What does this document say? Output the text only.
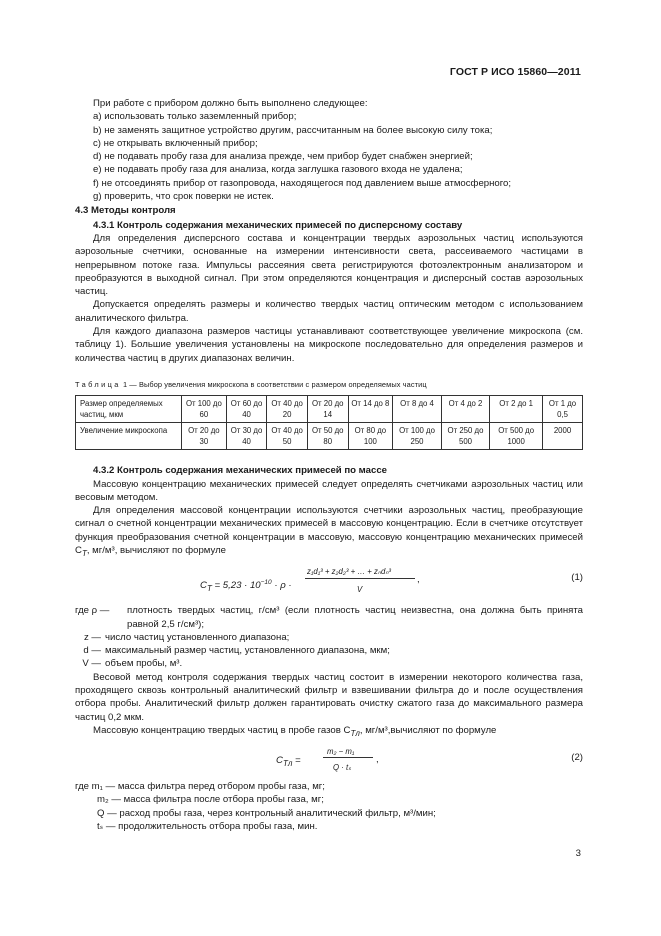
ГОСТ Р ИСО 15860—2011

При работе с прибором должно быть выполнено следующее:

a) использовать только заземленный прибор;

b) не заменять защитное устройство другим, рассчитанным на более высокую силу тока;

c) не открывать включенный прибор;

d) не подавать пробу газа для анализа прежде, чем прибор будет снабжен энергией;

e) не подавать пробу газа для анализа, когда заглушка газового входа не удалена;

f) не отсоединять прибор от газопровода, находящегося под давлением выше атмосферного;

g) проверить, что срок поверки не истек.

4.3 Методы контроля

4.3.1 Контроль содержания механических примесей по дисперсному составу

Для определения дисперсного состава и концентрации твердых аэрозольных частиц используются аэрозольные счетчики, основанные на измерении интенсивности света, рассеиваемого частицами в непрерывном потоке газа. Импульсы рассеяния света регистрируются фотоэлектронным анализатором и преобразуются в выходной сигнал. При этом определяются концентрация и дисперсный состав аэрозольных частиц.

Допускается определять размеры и количество твердых частиц оптическим методом с использованием аналитического фильтра.

Для каждого диапазона размеров частицы устанавливают соответствующее увеличение микроскопа (см. таблицу 1). Большие увеличения установлены на микроскопе последовательно для определения размеров и количества частиц в других диапазонах величин.

Таблица 1 — Выбор увеличения микроскопа в соответствии с размером определяемых частиц
Размер определяемых частиц, мкм	От 100 до 60	От 60 до 40	От 40 до 20	От 20 до 14	От 14 до 8	От 8 до 4	От 4 до 2	От 2 до 1	От 1 до 0,5
Увеличение микроскопа	От 20 до 30	От 30 до 40	От 40 до 50	От 50 до 80	От 80 до 100	От 100 до 250	От 250 до 500	От 500 до 1000	2000

4.3.2 Контроль содержания механических примесей по массе

Массовую концентрацию механических примесей следует определять счетчиками аэрозольных частиц или весовым методом.

Для определения массовой концентрации используются счетчики аэрозольных частиц, преобразующие сигнал о счетной концентрации механических примесей в массовую концентрацию. Если в счетчике отсутствует функция преобразования счетной концентрации в массовую, массовую концентрацию механических примесей $C_T$, мг/м³, вычисляют по формуле

$C_T = 5,23 \cdot 10^{-10} \cdot \rho$ ·
z₁d₁³ + z₂d₂³ + … + zₙdₙ³
V
,	(1)
где ρ —	плотность твердых частиц, г/см³ (если плотность частиц неизвестна, она должна быть принята равной 2,5 г/см³);
z — число частиц установленного диапазона;
d — максимальный размер частиц, установленного диапазона, мкм;
V — объем пробы, м³.

Весовой метод контроля содержания твердых частиц состоит в измерении некоторого количества газа, проходящего сквозь контрольный аналитический фильтр и взвешивании фильтра до и после осуществления отбора пробы. Аналитический фильтр должен гарантировать очистку сжатого газа до максимального размера частиц 0,2 мкм.

Массовую концентрацию твердых частиц в пробе газов $C_{Tл}$, мг/м³,вычисляют по формуле

$C_{Tл}$ =
m₂ − m₁
Q · tₛ
,	(2)

где m₁ — масса фильтра перед отбором пробы газа, мг;

m₂ — масса фильтра после отбора пробы газа, мг;

Q — расход пробы газа, через контрольный аналитический фильтр, м³/мин;

tₛ — продолжительность отбора пробы газа, мин.

3
